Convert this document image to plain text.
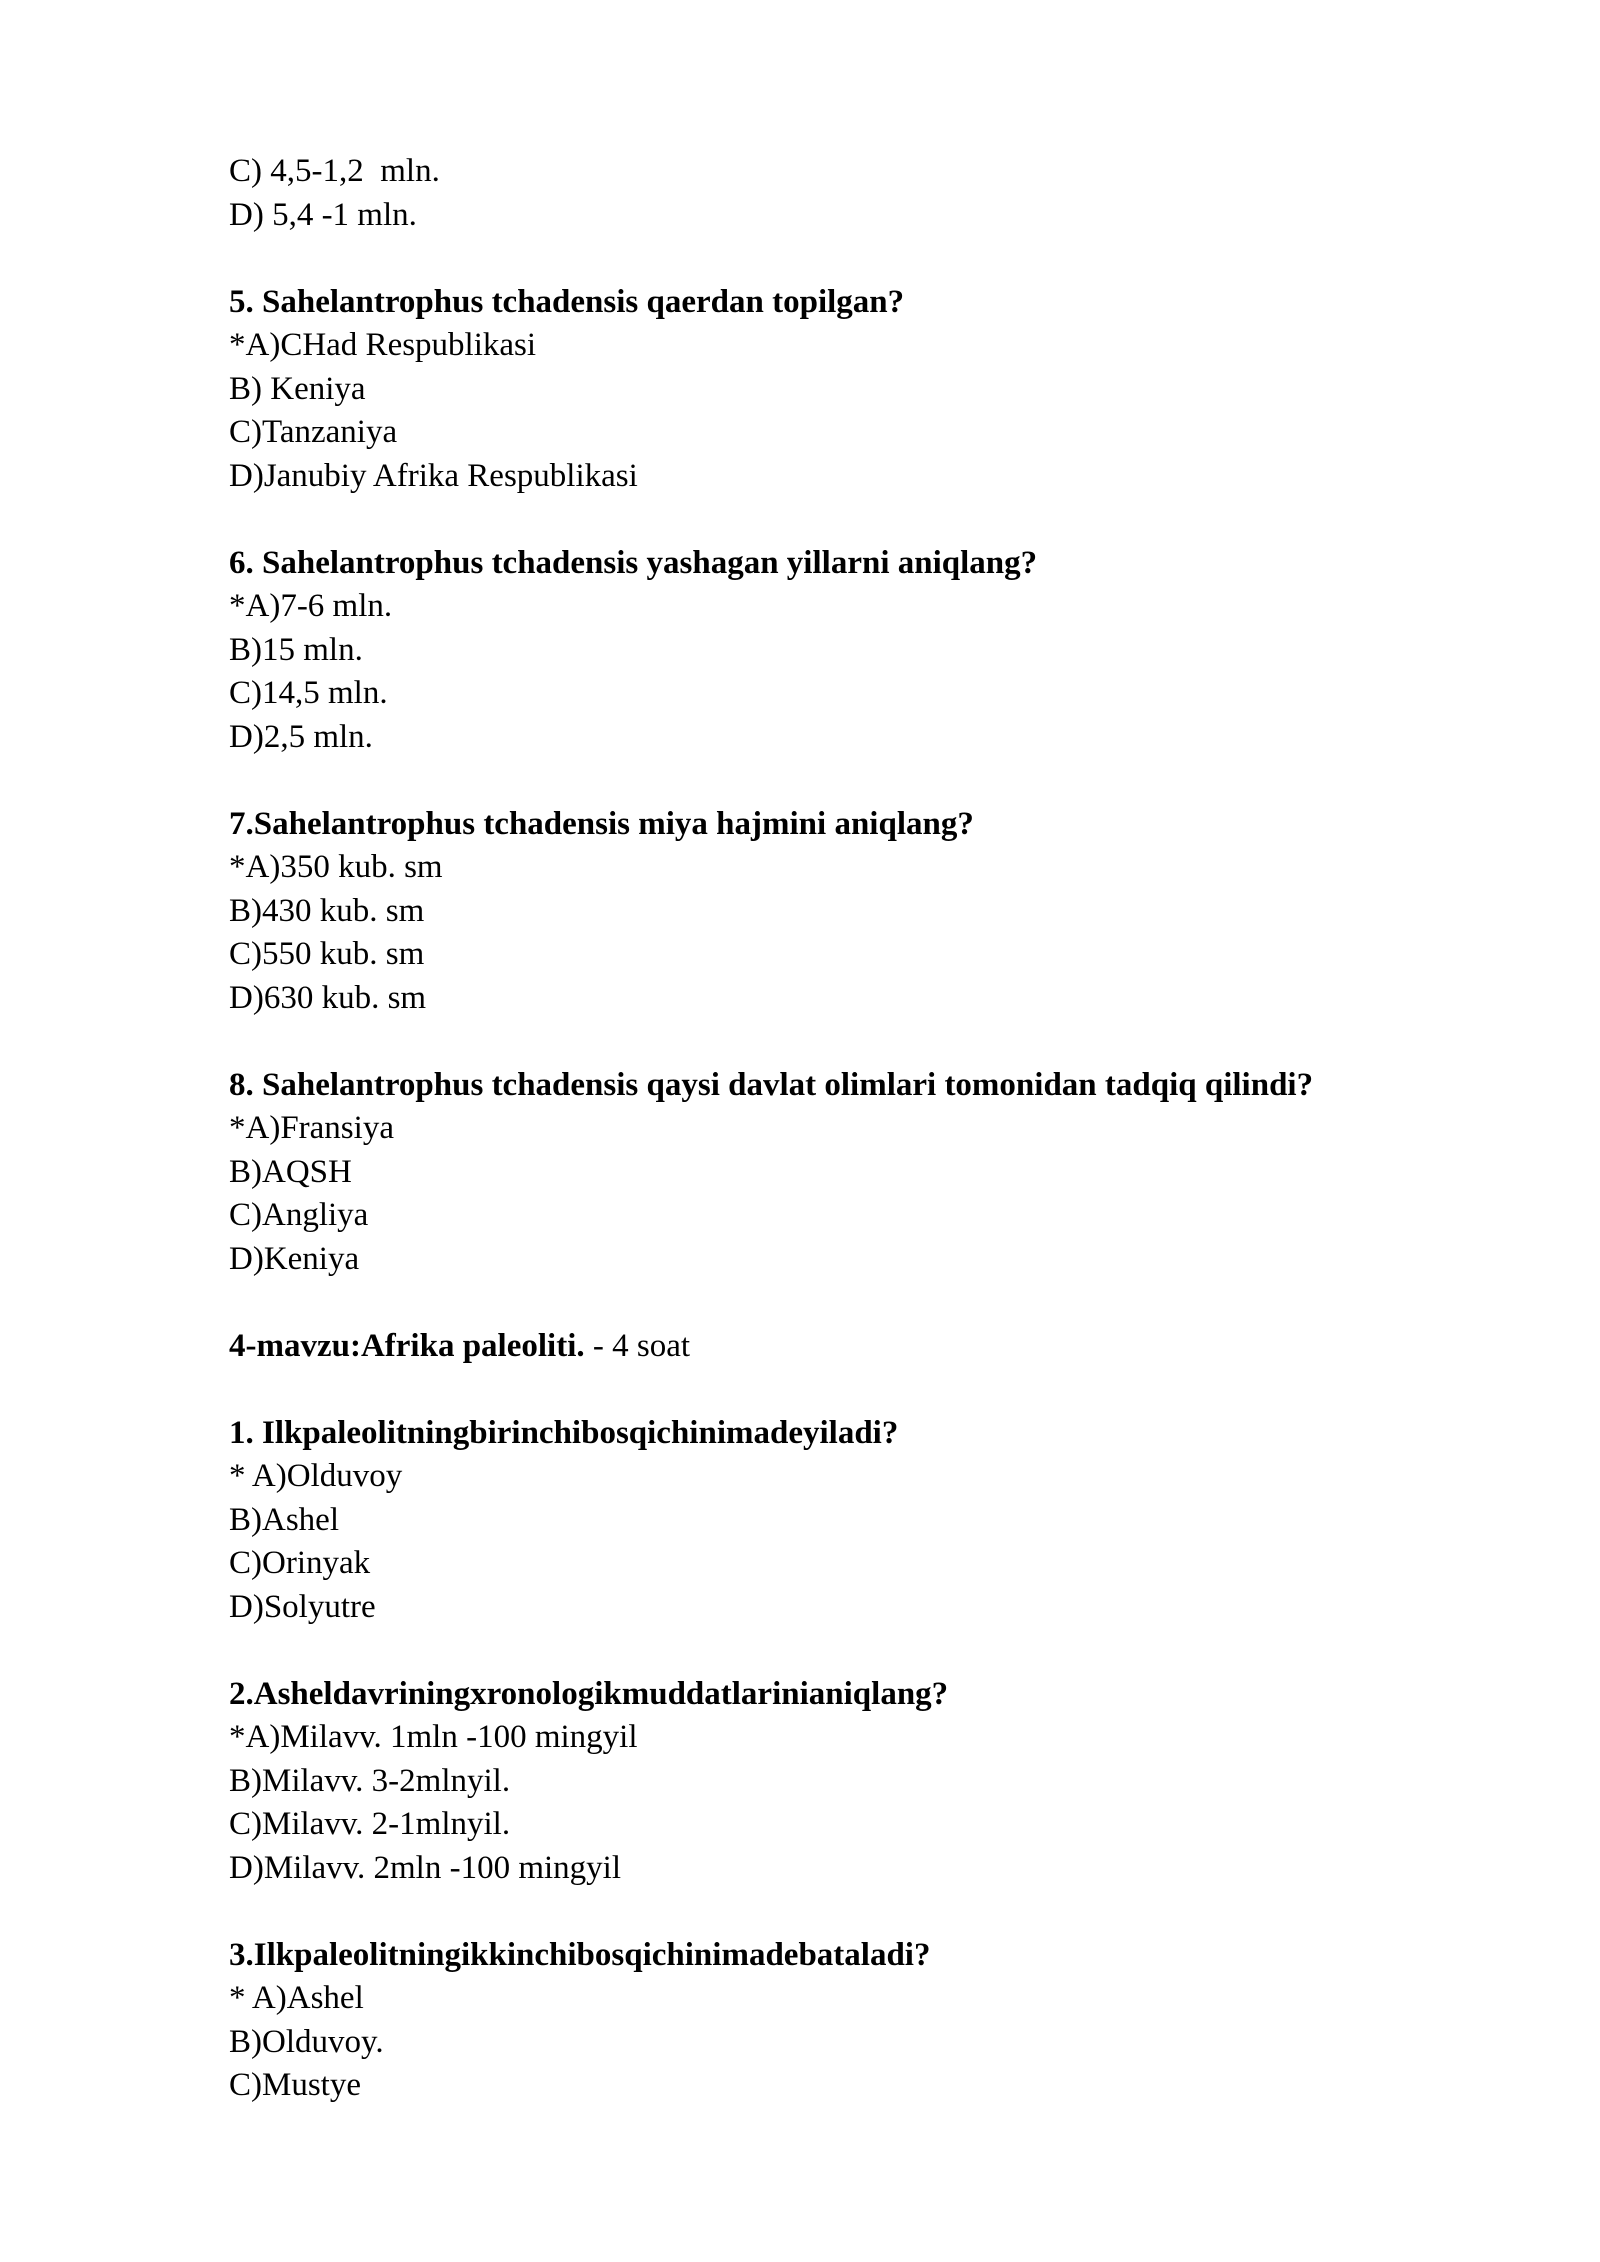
C) 4,5-1,2  mln.
D) 5,4 -1 mln.
5. Sahelantrophus tchadensis qaerdan topilgan?
*A)CHad Respublikasi
B) Keniya
C)Tanzaniya
D)Janubiy Afrika Respublikasi
6. Sahelantrophus tchadensis yashagan yillarni aniqlang?
*A)7-6 mln.
B)15 mln.
C)14,5 mln.
D)2,5 mln.
7.Sahelantrophus tchadensis miya hajmini aniqlang?
*A)350 kub. sm
B)430 kub. sm
C)550 kub. sm
D)630 kub. sm
8. Sahelantrophus tchadensis qaysi davlat olimlari tomonidan tadqiq qilindi?
*A)Fransiya
B)AQSH
C)Angliya
D)Keniya
4-mavzu:Afrika paleoliti. - 4 soat
1. Ilkpaleolitningbirinchibosqichinimadeyiladi?
* A)Olduvoy
B)Ashel
C)Orinyak
D)Solyutre
2.Asheldavriningxronologikmuddatlarinianiqlang?
*A)Milavv. 1mln -100 mingyil
B)Milavv. 3-2mlnyil.
C)Milavv. 2-1mlnyil.
D)Milavv. 2mln -100 mingyil
3.Ilkpaleolitningikkinchibosqichinimadebataladi?
* A)Ashel
B)Olduvoy.
C)Mustye
